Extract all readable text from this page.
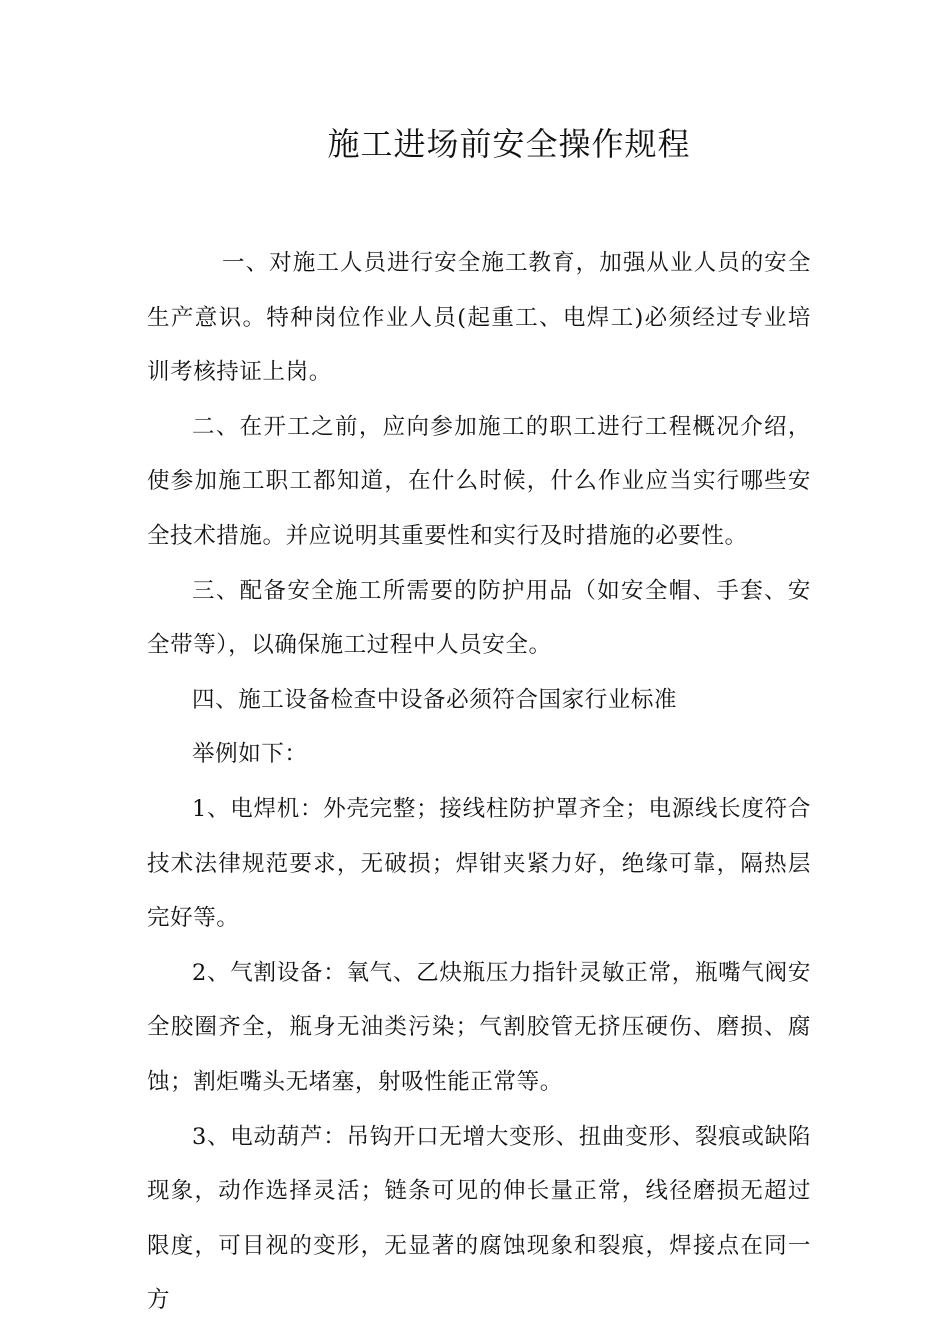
施工进场前安全操作规程

一、对施工人员进行安全施工教育，加强从业人员的安全生产意识。特种岗位作业人员(起重工、电焊工)必须经过专业培训考核持证上岗。

二、在开工之前，应向参加施工的职工进行工程概况介绍，使参加施工职工都知道，在什么时候，什么作业应当实行哪些安全技术措施。并应说明其重要性和实行及时措施的必要性。

三、配备安全施工所需要的防护用品（如安全帽、手套、安全带等），以确保施工过程中人员安全。

四、施工设备检查中设备必须符合国家行业标准

举例如下：

1、电焊机：外壳完整；接线柱防护罩齐全；电源线长度符合技术法律规范要求，无破损；焊钳夹紧力好，绝缘可靠，隔热层完好等。

2、气割设备：氧气、乙炔瓶压力指针灵敏正常，瓶嘴气阀安全胶圈齐全，瓶身无油类污染；气割胶管无挤压硬伤、磨损、腐蚀；割炬嘴头无堵塞，射吸性能正常等。

3、电动葫芦：吊钩开口无增大变形、扭曲变形、裂痕或缺陷现象，动作选择灵活；链条可见的伸长量正常，线径磨损无超过限度，可目视的变形，无显著的腐蚀现象和裂痕，焊接点在同一方
